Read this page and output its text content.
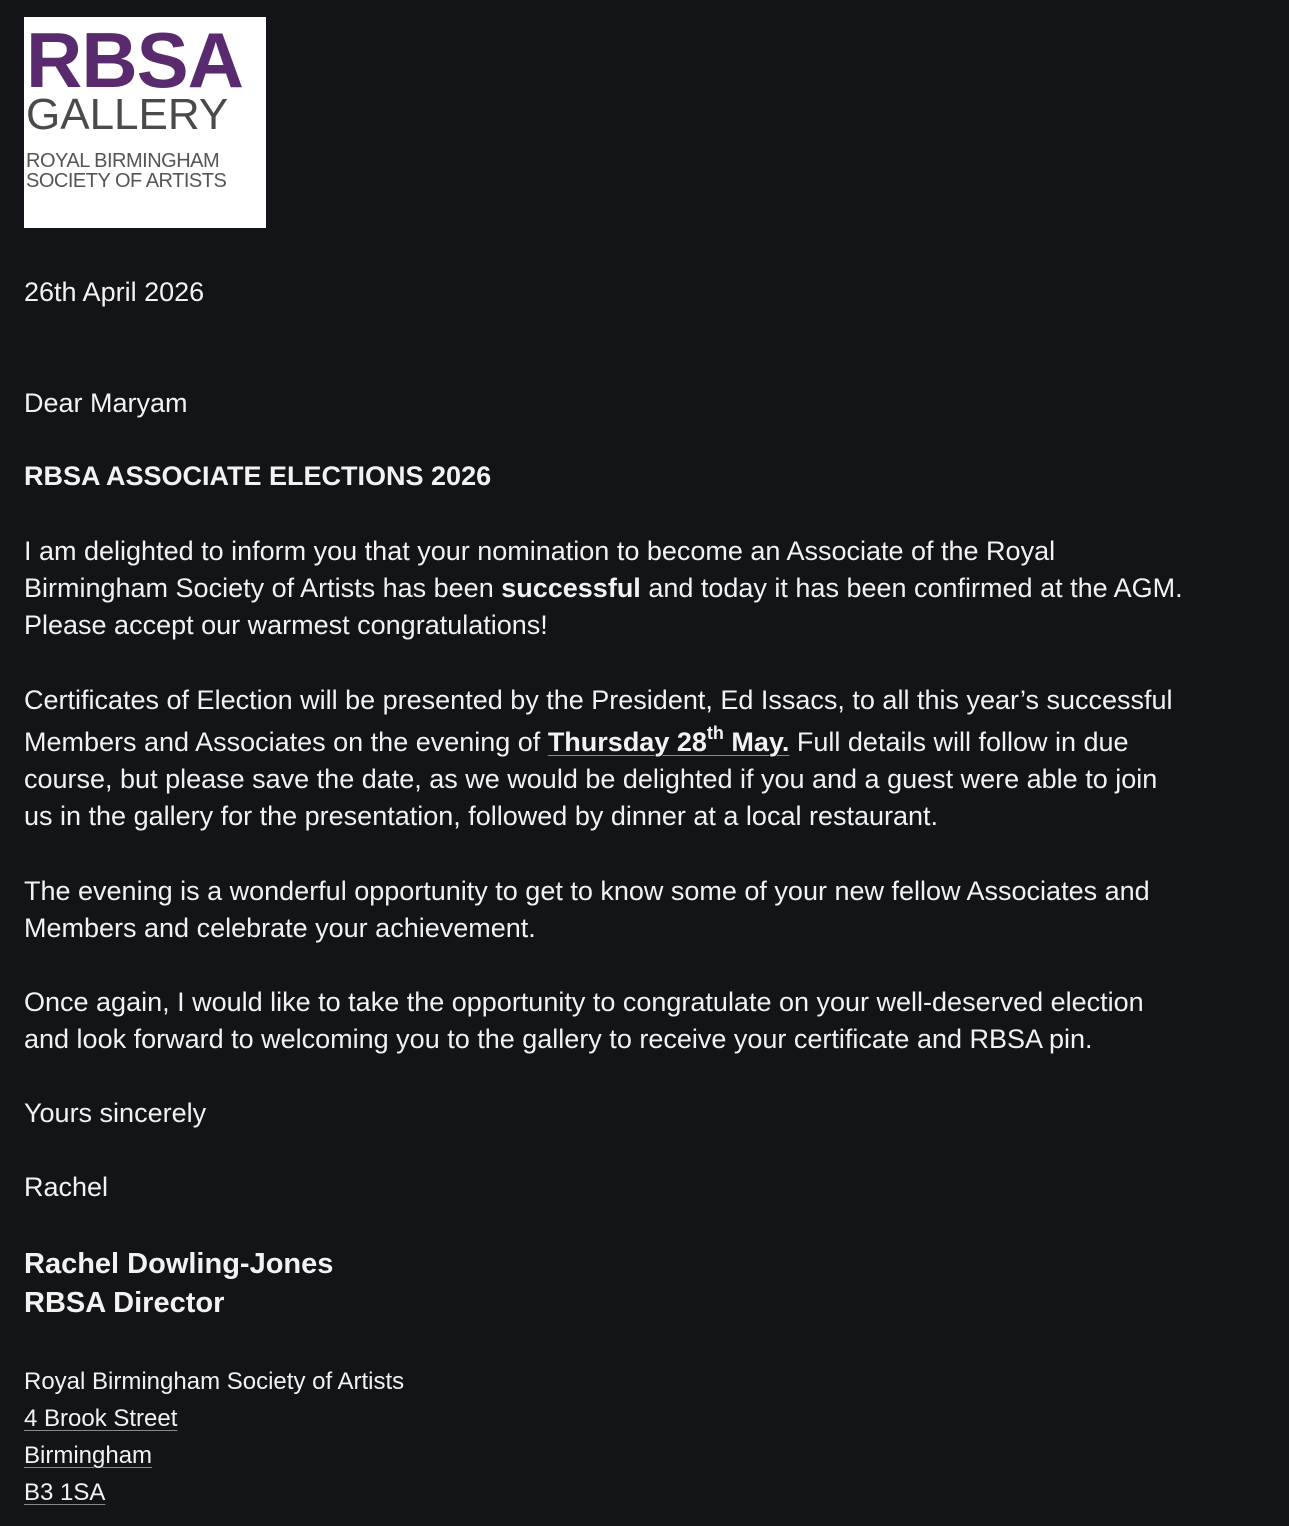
RBSA
GALLERY
ROYAL BIRMINGHAM
SOCIETY OF ARTISTS
26th April 2026
Dear Maryam
RBSA ASSOCIATE ELECTIONS 2026
I am delighted to inform you that your nomination to become an Associate of the Royal
Birmingham Society of Artists has been successful and today it has been confirmed at the AGM.
Please accept our warmest congratulations!
Certificates of Election will be presented by the President, Ed Issacs, to all this year’s successful
Members and Associates on the evening of Thursday 28th May. Full details will follow in due
course, but please save the date, as we would be delighted if you and a guest were able to join
us in the gallery for the presentation, followed by dinner at a local restaurant.
The evening is a wonderful opportunity to get to know some of your new fellow Associates and
Members and celebrate your achievement.
Once again, I would like to take the opportunity to congratulate on your well-deserved election
and look forward to welcoming you to the gallery to receive your certificate and RBSA pin.
Yours sincerely
Rachel
Rachel Dowling-Jones
RBSA Director
Royal Birmingham Society of Artists
4 Brook Street
Birmingham
B3 1SA
